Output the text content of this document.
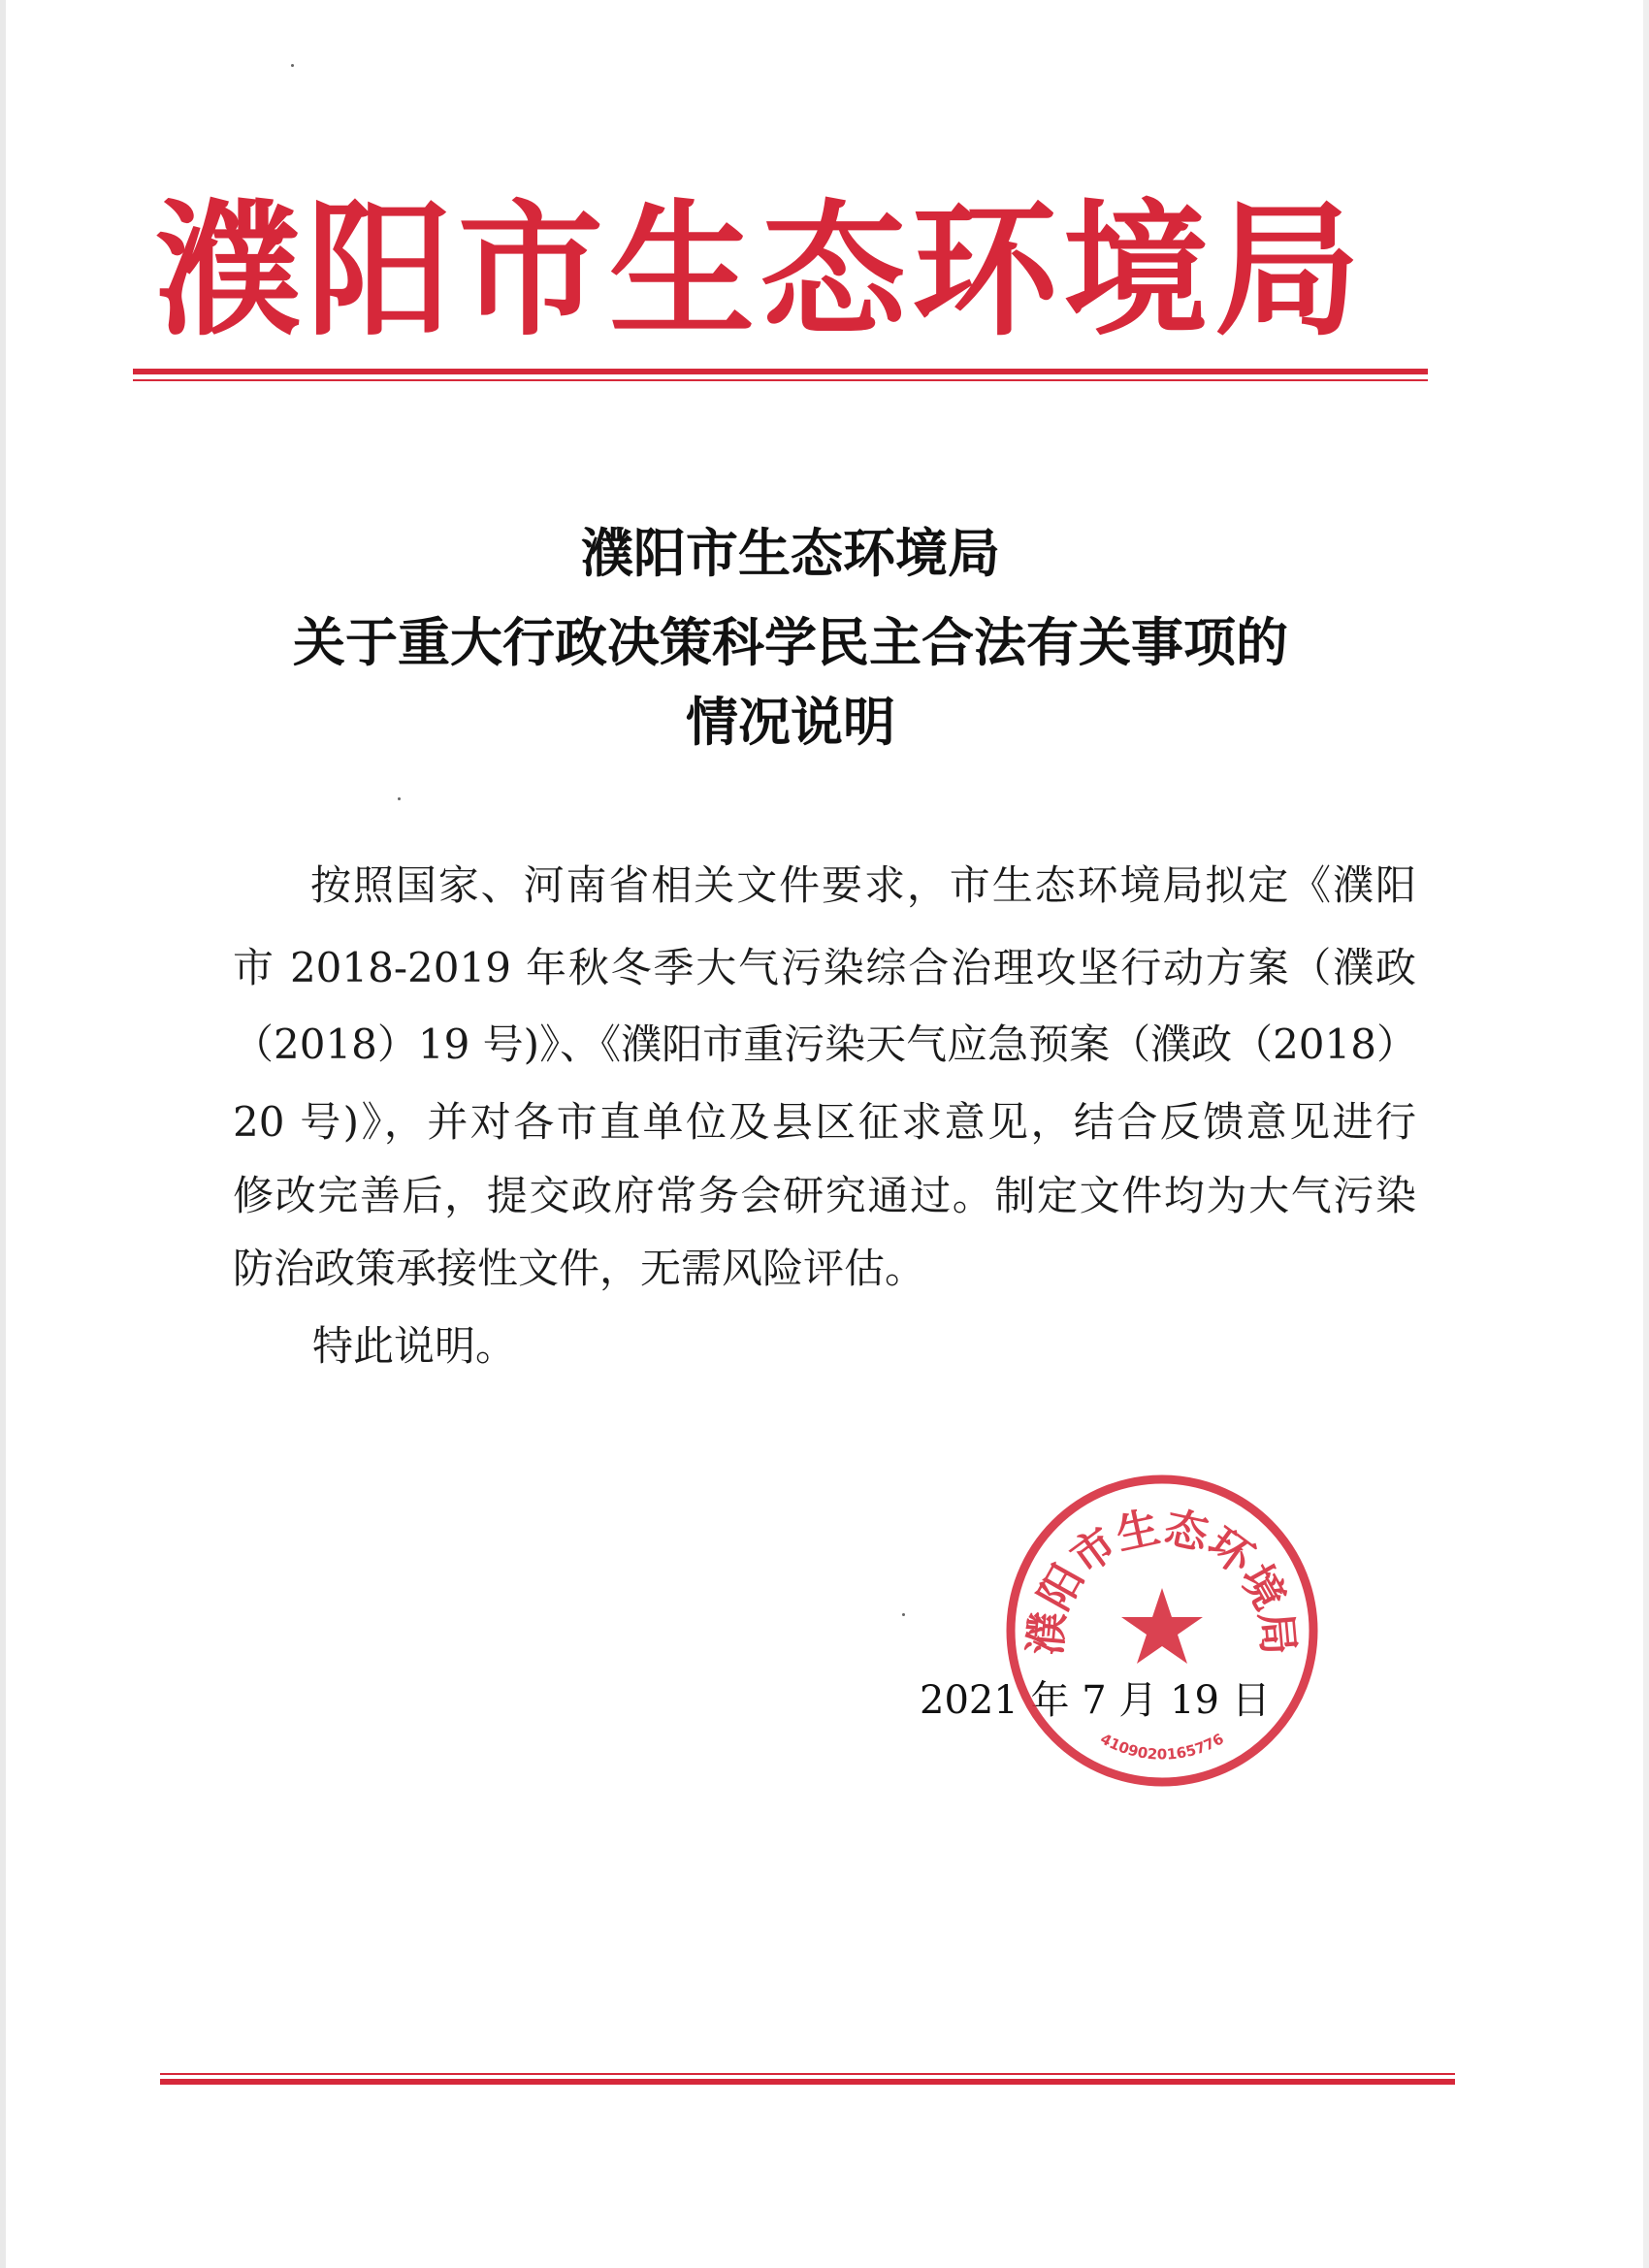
濮阳市生态环境局
濮阳市生态环境局
关于重大行政决策科学民主合法有关事项的
情况说明
按照国家、河南省相关文件要求，市生态环境局拟定《濮阳
市 2018-2019 年秋冬季大气污染综合治理攻坚行动方案（濮政
（2018）19 号)》、《濮阳市重污染天气应急预案（濮政（2018）
20 号)》，并对各市直单位及县区征求意见，结合反馈意见进行
修改完善后，提交政府常务会研究通过。制定文件均为大气污染
防治政策承接性文件，无需风险评估。
特此说明。
2021 年 7 月 19 日
濮阳市生态环境局
4109020165776
